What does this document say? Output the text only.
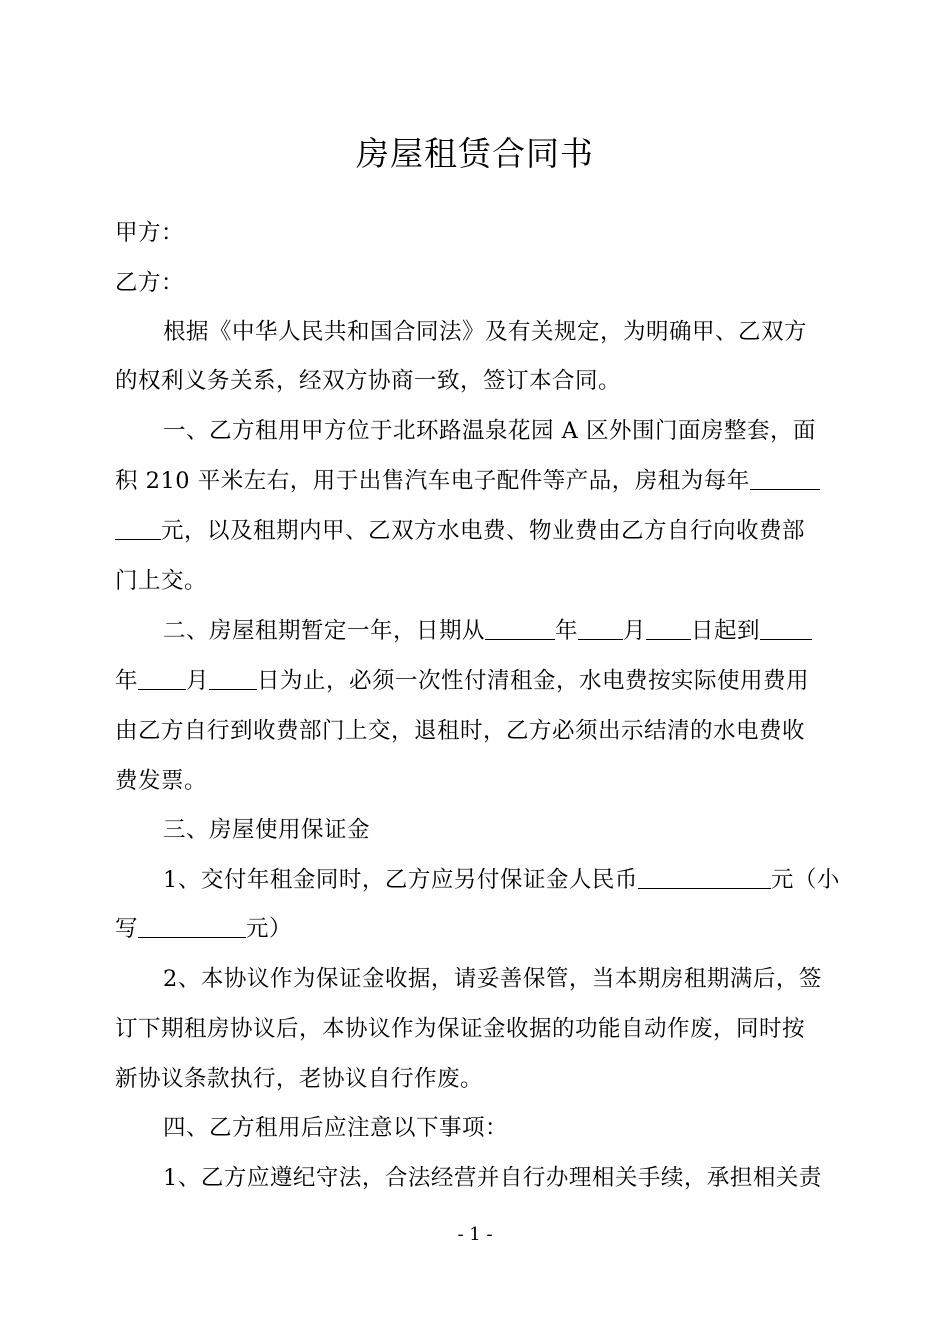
房屋租赁合同书
甲方：
乙方：
根据《中华人民共和国合同法》及有关规定，为明确甲、乙双方
的权利义务关系，经双方协商一致，签订本合同。
一、乙方租用甲方位于北环路温泉花园 A 区外围门面房整套，面
积 210 平米左右，用于出售汽车电子配件等产品，房租为每年
元，以及租期内甲、乙双方水电费、物业费由乙方自行向收费部
门上交。
二、房屋租期暂定一年，日期从	年 月 日起到
年 月 日为止，必须一次性付清租金，水电费按实际使用费用
由乙方自行到收费部门上交，退租时，乙方必须出示结清的水电费收
费发票。
三、房屋使用保证金
1、交付年租金同时，乙方应另付保证金人民币	元（小
写	元）
2、本协议作为保证金收据，请妥善保管，当本期房租期满后，签
订下期租房协议后，本协议作为保证金收据的功能自动作废，同时按
新协议条款执行，老协议自行作废。
四、乙方租用后应注意以下事项：
1、乙方应遵纪守法，合法经营并自行办理相关手续，承担相关责
- 1 -
